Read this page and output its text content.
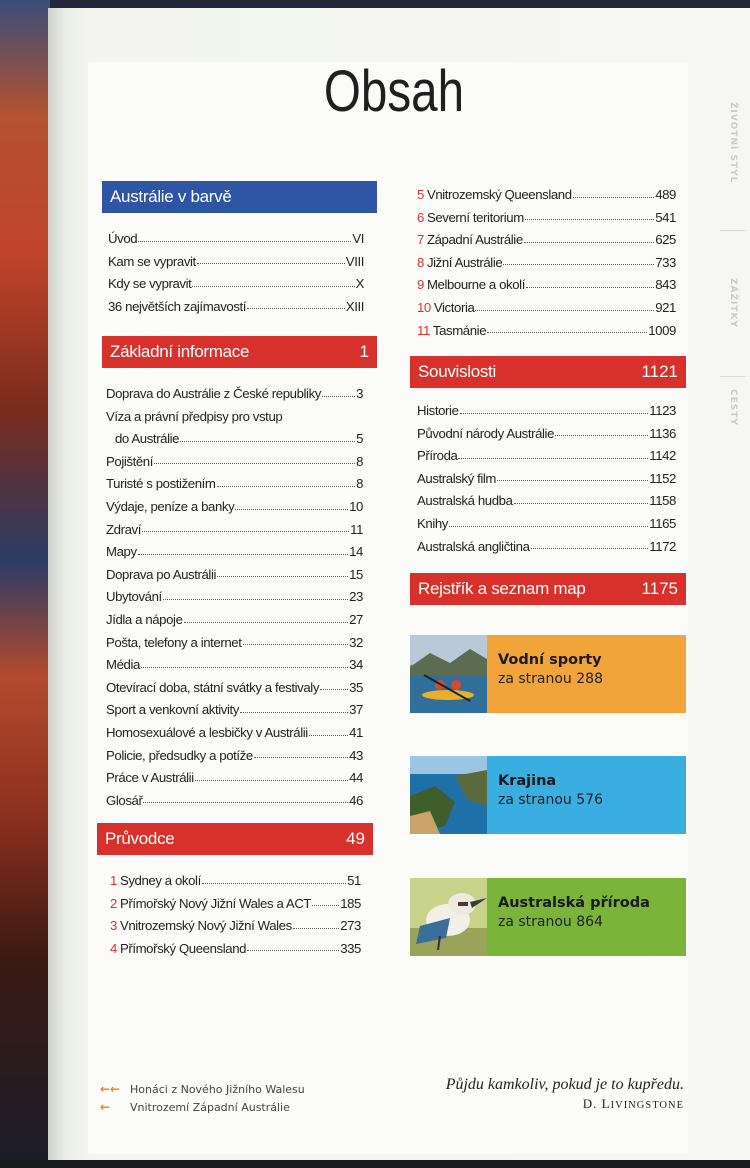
ŽIVOTNÍ STYL
ZÁŽITKY
CESTY
Obsah
Austrálie v barvě
Úvod	VI
Kam se vypravit	VIII
Kdy se vypravit	X
36 největších zajímavostí	XIII
Základní informace	1
Doprava do Austrálie z České republiky	3
Víza a právní předpisy pro vstup
do Austrálie	5
Pojištění	8
Turisté s postižením	8
Výdaje, peníze a banky	10
Zdraví	11
Mapy	14
Doprava po Austrálii	15
Ubytování	23
Jídla a nápoje	27
Pošta, telefony a internet	32
Média	34
Otevírací doba, státní svátky a festivaly 35
Sport a venkovní aktivity	37
Homosexuálové a lesbičky v Austrálii	41
Policie, předsudky a potíže	43
Práce v Austrálii	44
Glosář	46
Průvodce	49
1 Sydney a okolí	51
2 Přímořský Nový Jižní Wales a ACT 185
3 Vnitrozemský Nový Jižní Wales	273
4 Přímořský Queensland	335
5 Vnitrozemský Queensland	489
6 Severní teritorium	541
7 Západní Austrálie	625
8 Jižní Austrálie	733
9 Melbourne a okolí	843
10 Victoria	921
11 Tasmánie	1009
Souvislosti	1121
Historie	1123
Původní národy Austrálie	1136
Příroda	1142
Australský film	1152
Australská hudba	1158
Knihy	1165
Australská angličtina	1172
Rejstřík a seznam map	1175
Vodní sporty
za stranou 288
Krajina
za stranou 576
Australská příroda
za stranou 864
←← Honáci z Nového Jižního Walesu
←	Vnitrozemí Západní Austrálie
Půjdu kamkoliv, pokud je to kupředu.
D. LIVINGSTONE
